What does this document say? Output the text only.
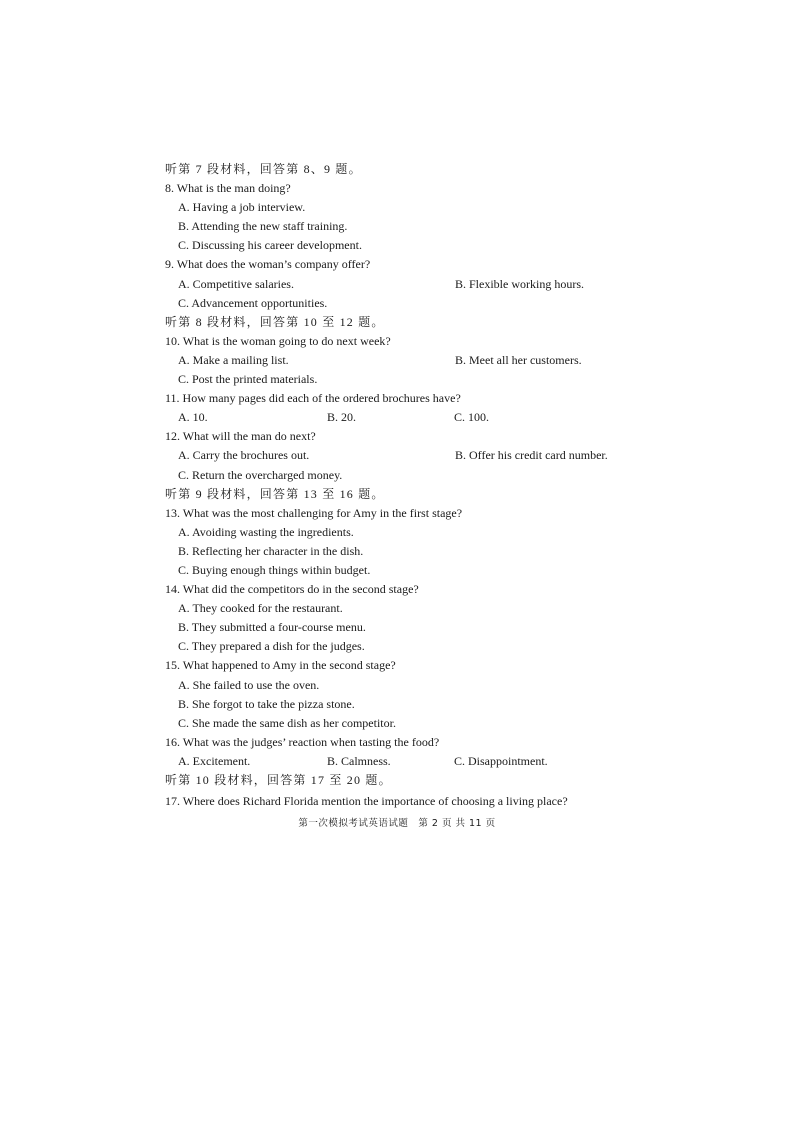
听第 7 段材料，回答第 8、9 题。
8. What is the man doing?
A. Having a job interview.
B. Attending the new staff training.
C. Discussing his career development.
9. What does the woman’s company offer?
A. Competitive salaries.	B. Flexible working hours.
C. Advancement opportunities.
听第 8 段材料，回答第 10 至 12 题。
10. What is the woman going to do next week?
A. Make a mailing list.	B. Meet all her customers.
C. Post the printed materials.
11. How many pages did each of the ordered brochures have?
A. 10.	B. 20.	C. 100.
12. What will the man do next?
A. Carry the brochures out.	B. Offer his credit card number.
C. Return the overcharged money.
听第 9 段材料，回答第 13 至 16 题。
13. What was the most challenging for Amy in the first stage?
A. Avoiding wasting the ingredients.
B. Reflecting her character in the dish.
C. Buying enough things within budget.
14. What did the competitors do in the second stage?
A. They cooked for the restaurant.
B. They submitted a four-course menu.
C. They prepared a dish for the judges.
15. What happened to Amy in the second stage?
A. She failed to use the oven.
B. She forgot to take the pizza stone.
C. She made the same dish as her competitor.
16. What was the judges’ reaction when tasting the food?
A. Excitement.	B. Calmness.	C. Disappointment.
听第 10 段材料，回答第 17 至 20 题。
17. Where does Richard Florida mention the importance of choosing a living place?
第一次模拟考试英语试题　第 2 页 共 11 页
